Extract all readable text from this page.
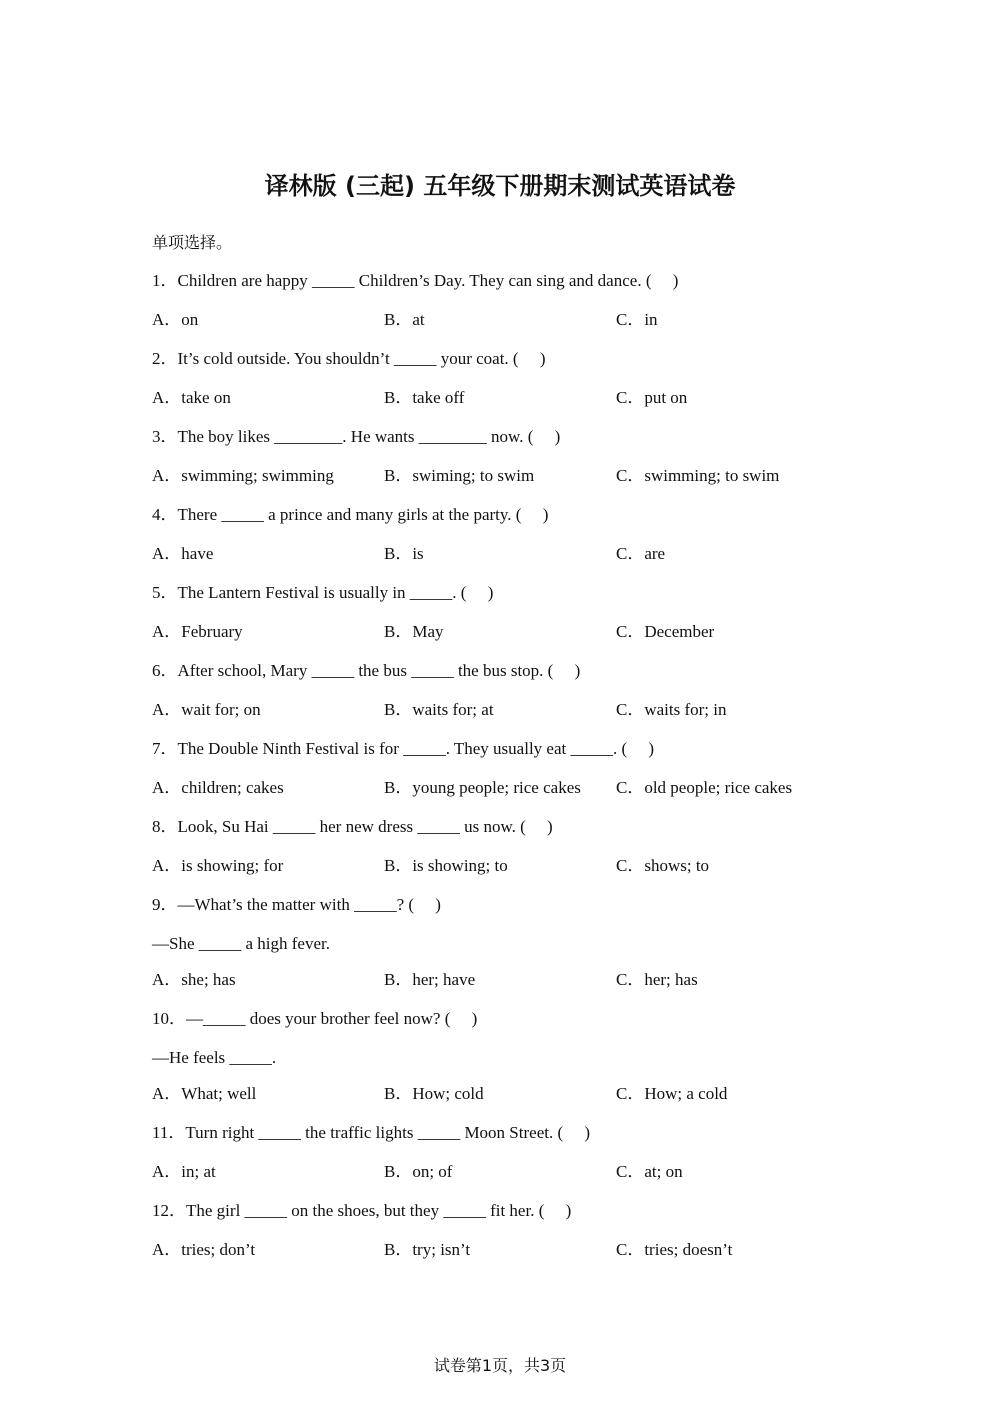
译林版 (三起) 五年级下册期末测试英语试卷
单项选择。
1．Children are happy _____ Children’s Day. They can sing and dance. (     )
A．on	B．at	C．in
2．It’s cold outside. You shouldn’t _____ your coat. (     )
A．take on	B．take off	C．put on
3．The boy likes ________. He wants ________ now. (     )
A．swimming; swimming	B．swiming; to swim	C．swimming; to swim
4．There _____ a prince and many girls at the party. (     )
A．have	B．is	C．are
5．The Lantern Festival is usually in _____. (     )
A．February	B．May	C．December
6．After school, Mary _____ the bus _____ the bus stop. (     )
A．wait for; on	B．waits for; at	C．waits for; in
7．The Double Ninth Festival is for _____. They usually eat _____. (     )
A．children; cakes	B．young people; rice cakes C．old people; rice cakes
8．Look, Su Hai _____ her new dress _____ us now. (     )
A．is showing; for	B．is showing; to	C．shows; to
9．—What’s the matter with _____? (     )
—She _____ a high fever.
A．she; has	B．her; have	C．her; has
10．—_____ does your brother feel now? (     )
—He feels _____.
A．What; well	B．How; cold	C．How; a cold
11．Turn right _____ the traffic lights _____ Moon Street. (     )
A．in; at	B．on; of	C．at; on
12．The girl _____ on the shoes, but they _____ fit her. (     )
A．tries; don’t	B．try; isn’t	C．tries; doesn’t
试卷第1页，共3页
